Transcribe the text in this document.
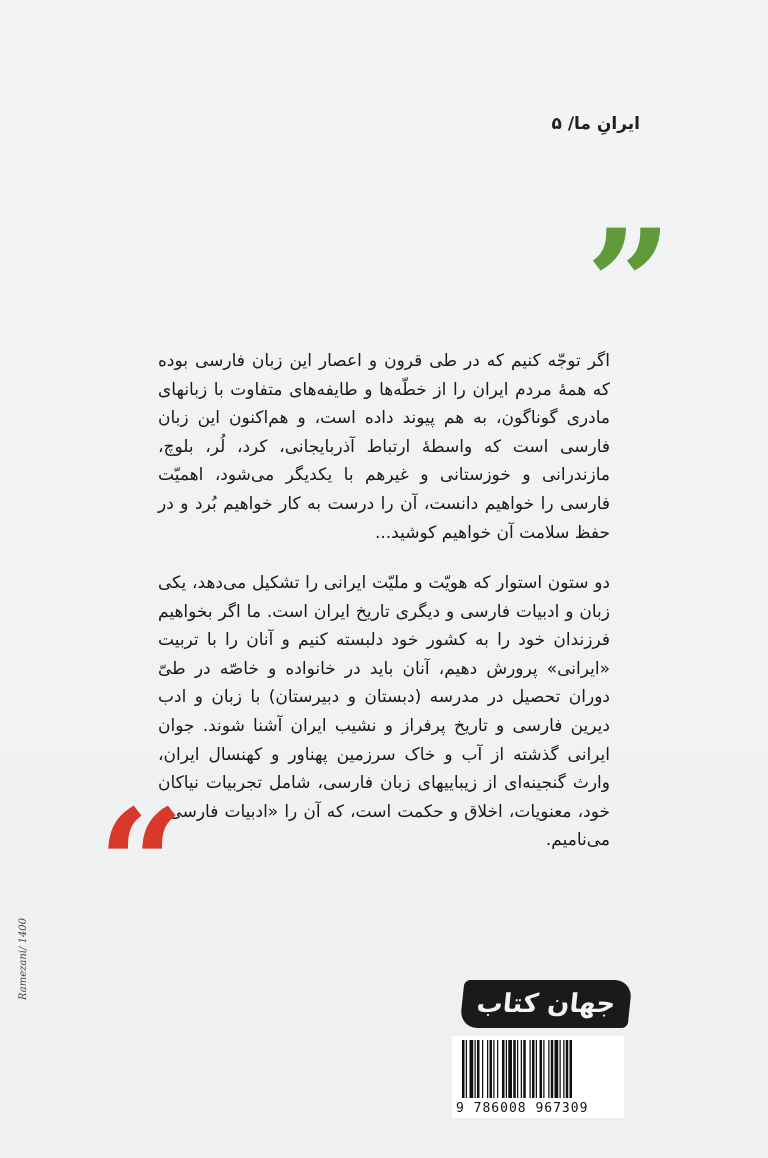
ایرانِ ما/ ۵
”

اگر توجّه کنیم که در طی قرون و اعصار این زبان فارسی بوده که همهٔ مردم ایران را از خطّه‌ها و طایفه‌های متفاوت با زبانهای مادری گوناگون، به هم پیوند داده است، و هم‌اکنون این زبان فارسی است که واسطهٔ ارتباط آذربایجانی، کرد، لُر، بلوچ، مازندرانی و خوزستانی و غیرهم با یکدیگر می‌شود، اهمیّت فارسی را خواهیم دانست، آن را درست به کار خواهیم بُرد و در حفظ سلامت آن خواهیم کوشید...

دو ستون استوار که هویّت و ملیّت ایرانی را تشکیل می‌دهد، یکی زبان و ادبیات فارسی و دیگری تاریخ ایران است. ما اگر بخواهیم فرزندان خود را به کشور خود دلبسته کنیم و آنان را با تربیت «ایرانی» پرورش دهیم، آنان باید در خانواده و خاصّه در طیّ دوران تحصیل در مدرسه (دبستان و دبیرستان) با زبان و ادب دیرین فارسی و تاریخ پرفراز و نشیب ایران آشنا شوند. جوان ایرانی گذشته از آب و خاک سرزمین پهناور و کهنسال ایران، وارث گنجینه‌ای از زیباییهای زبان فارسی، شامل تجربیات نیاکان خود، معنویات، اخلاق و حکمت است، که آن را «ادبیات فارسی» می‌نامیم.

“
جهان کتاب
9 786008 967309
Ramezani/ 1400
